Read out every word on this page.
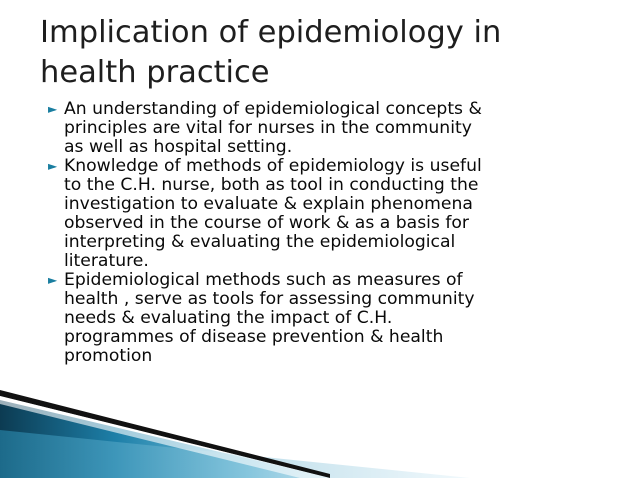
Implication of epidemiology in
health practice
► An understanding of epidemiological concepts &
principles are vital for nurses in the community
as well as hospital setting.
► Knowledge of methods of epidemiology is useful
to the C.H. nurse, both as tool in conducting the
investigation to evaluate & explain phenomena
observed in the course of work & as a basis for
interpreting & evaluating the epidemiological
literature.
► Epidemiological methods such as measures of
health , serve as tools for assessing community
needs & evaluating the impact of C.H.
programmes of disease prevention & health
promotion
